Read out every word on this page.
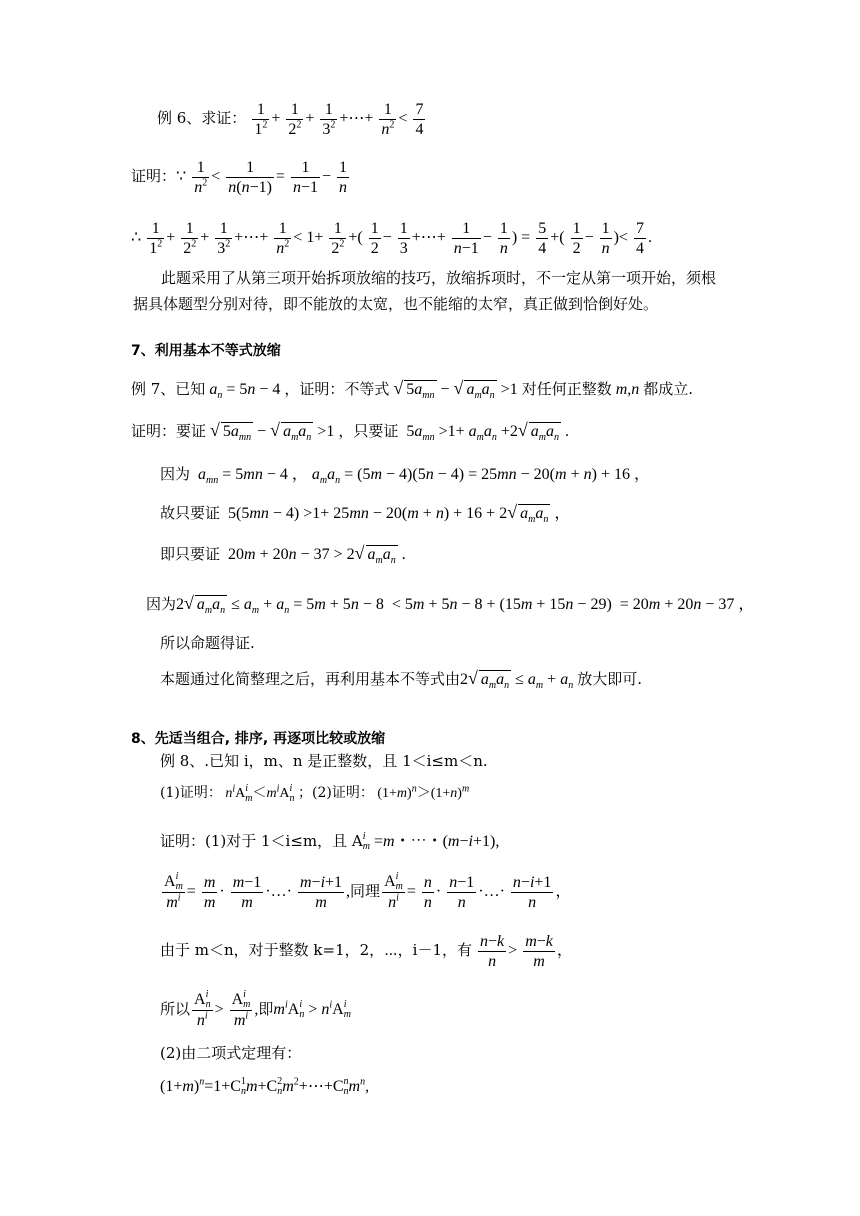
例 6、求证： $\frac{1}{1^2} + \frac{1}{2^2} + \frac{1}{3^2}$ +⋯+ $\frac{1}{n^2} < \frac{7}{4}$
证明：∵ $\frac{1}{n^2} < \frac{1}{n(n-1)} = \frac{1}{n-1} - \frac{1}{n}$
∴ $\frac{1}{1^2} + \frac{1}{2^2} + \frac{1}{3^2}$ +⋯+ $\frac{1}{n^2} < 1+ \frac{1}{2^2}$ +( $\frac{1}{2} - \frac{1}{3}$ +⋯+ $\frac{1}{n-1} - \frac{1}{n}$ ) = $\frac{5}{4}$ +( $\frac{1}{2} - \frac{1}{n}$ )< $\frac{7}{4}$ .
此题采用了从第三项开始拆项放缩的技巧，放缩拆项时，不一定从第一项开始，须根据具体题型分别对待，即不能放的太宽，也不能缩的太窄，真正做到恰倒好处。
7、利用基本不等式放缩
例 7、已知 $a_n = 5n - 4$ ，证明：不等式 √ $5a_{mn}$ − √ $a_ma_n >1$ 对任何正整数 m,n 都成立.
证明：要证 √ $5a_{mn}$ − √ $a_ma_n >1$ ，只要证  $5a_{mn} >1+ a_ma_n +2√$ $a_ma_n$ .
因为 $a_{mn} = 5mn - 4$ ， $a_ma_n = (5m - 4)(5n - 4) = 25mn - 20(m + n) + 16$ ，
故只要证  5(5mn − 4) >1+ 25mn − 20(m + n) + 16 + 2√ $a_ma_n$ ，
即只要证  20m + 20n − 37 > 2√ $a_ma_n$ .
因为2√ $a_ma_n \le a_m + a_n = 5m + 5n - 8 < 5m + 5n - 8 + (15m + 15n - 29) = 20m + 20n - 37$ ，
所以命题得证.
本题通过化简整理之后，再利用基本不等式由2√ $a_ma_n \le a_m + a_n$ 放大即可.
8、先适当组合, 排序, 再逐项比较或放缩
例 8、.已知 i，m、n 是正整数，且 1＜i≤m＜n.
(1)证明： $n^iA$ i
$m <m^iA$ i
n ；(2)证明： $(1+m)^n>(1+n)^m$
证明：(1)对于 1＜i≤m，且 A i
m =m・⋯・(m−i+1),
A i
m
$m^i = \frac{m}{m} \cdot \frac{m-1}{m}$ ·…· $\frac{m-i+1}{m}$ ,同理 A i
m
$n^i = \frac{n}{n} \cdot \frac{n-1}{n}$ ·…· $\frac{n-i+1}{n}$ ，
由于 m＜n，对于整数 k=1，2，⋯，i－1，有 $\frac{n-k}{n} > \frac{m-k}{m}$ ，
所以 A i
n
$n^i > A$ i
m
$m^i$ ,即$m^iA$ i
$n > n^iA$ i
m
(2)由二项式定理有：
$(1+m)^n=1+C$ 1
n m+C 2
n $m^2+\cdots+C$ n
n $m^n$,
